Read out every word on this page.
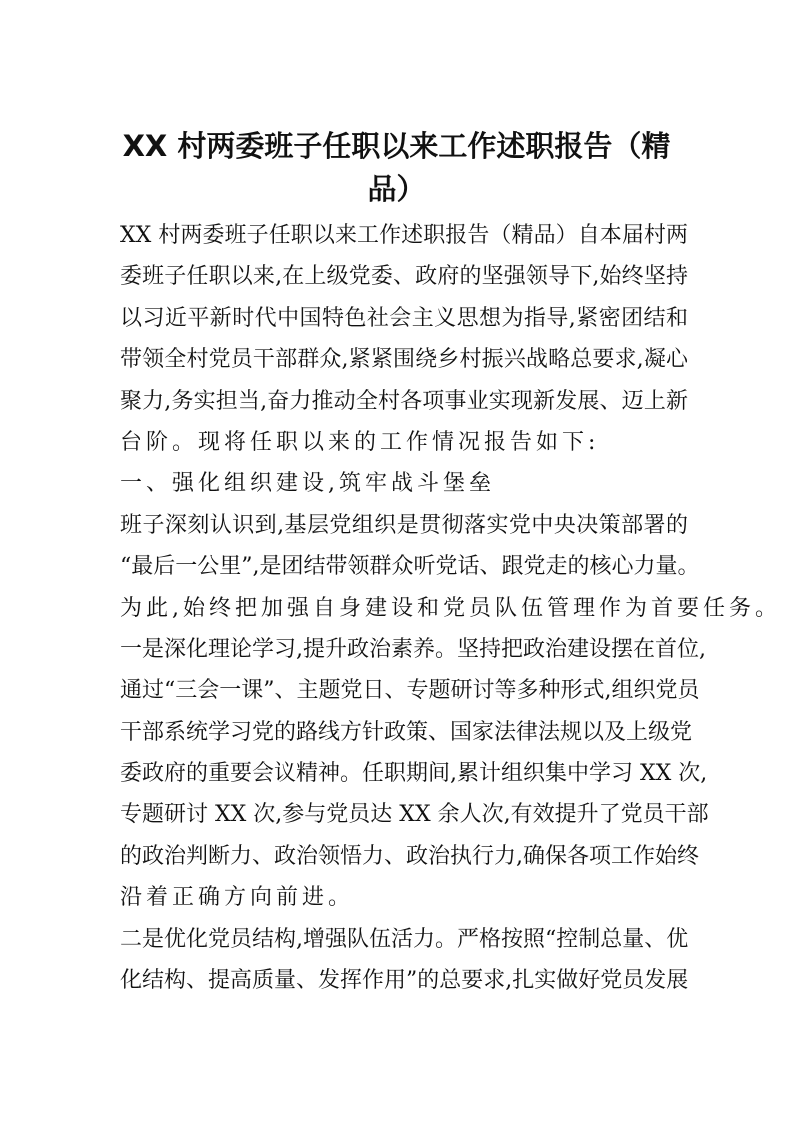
XX 村两委班子任职以来工作述职报告（精
品）
XX 村两委班子任职以来工作述职报告（精品）自本届村两
委班子任职以来,在上级党委、政府的坚强领导下,始终坚持
以习近平新时代中国特色社会主义思想为指导,紧密团结和
带领全村党员干部群众,紧紧围绕乡村振兴战略总要求,凝心
聚力,务实担当,奋力推动全村各项事业实现新发展、迈上新
台阶。现将任职以来的工作情况报告如下:
一、强化组织建设,筑牢战斗堡垒
班子深刻认识到,基层党组织是贯彻落实党中央决策部署的
“最后一公里”,是团结带领群众听党话、跟党走的核心力量。
为此,始终把加强自身建设和党员队伍管理作为首要任务。
一是深化理论学习,提升政治素养。坚持把政治建设摆在首位,
通过“三会一课”、主题党日、专题研讨等多种形式,组织党员
干部系统学习党的路线方针政策、国家法律法规以及上级党
委政府的重要会议精神。任职期间,累计组织集中学习 XX 次,
专题研讨 XX 次,参与党员达 XX 余人次,有效提升了党员干部
的政治判断力、政治领悟力、政治执行力,确保各项工作始终
沿着正确方向前进。
二是优化党员结构,增强队伍活力。严格按照“控制总量、优
化结构、提高质量、发挥作用”的总要求,扎实做好党员发展
